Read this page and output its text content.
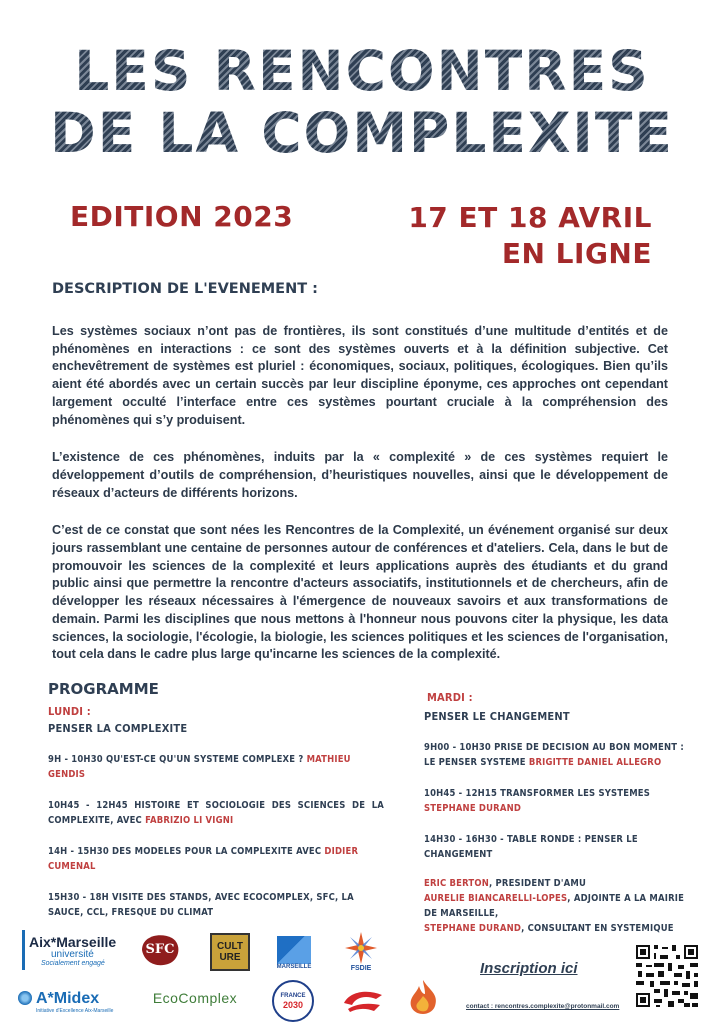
LES RENCONTRES
DE LA COMPLEXITE
EDITION 2023	17 ET 18 AVRIL
EN LIGNE
DESCRIPTION DE L'EVENEMENT :

Les systèmes sociaux n’ont pas de frontières, ils sont constitués d’une multitude d’entités et de phénomènes en interactions : ce sont des systèmes ouverts et à la définition subjective. Cet enchevêtrement de systèmes est pluriel : économiques, sociaux, politiques, écologiques. Bien qu’ils aient été abordés avec un certain succès par leur discipline éponyme, ces approches ont cependant largement occulté l’interface entre ces systèmes pourtant cruciale à la compréhension des phénomènes qui s’y produisent.

L’existence de ces phénomènes, induits par la « complexité » de ces systèmes requiert le développement d’outils de compréhension, d’heuristiques nouvelles, ainsi que le développement de réseaux d’acteurs de différents horizons.

C’est de ce constat que sont nées les Rencontres de la Complexité, un événement organisé sur deux jours rassemblant une centaine de personnes autour de conférences et d'ateliers. Cela, dans le but de promouvoir les sciences de la complexité et leurs applications auprès des étudiants et du grand public ainsi que permettre la rencontre d'acteurs associatifs, institutionnels et de chercheurs, afin de développer les réseaux nécessaires à l'émergence de nouveaux savoirs et aux transformations de demain. Parmi les disciplines que nous mettons à l'honneur nous pouvons citer la physique, les data sciences, la sociologie, l'écologie, la biologie, les sciences politiques et les sciences de l'organisation, tout cela dans le cadre plus large qu'incarne les sciences de la complexité.

PROGRAMME
LUNDI :
PENSER LA COMPLEXITE
9H - 10H30 QU'EST-CE QU'UN SYSTEME COMPLEXE ? MATHIEU GENDIS
10H45 - 12H45 HISTOIRE ET SOCIOLOGIE DES SCIENCES DE LA COMPLEXITE, AVEC FABRIZIO LI VIGNI
14H - 15H30 DES MODELES POUR LA COMPLEXITE AVEC DIDIER CUMENAL
15H30 - 18H VISITE DES STANDS, AVEC ECOCOMPLEX, SFC, LA SAUCE, CCL, FRESQUE DU CLIMAT
MARDI :
PENSER LE CHANGEMENT
9H00 - 10H30 PRISE DE DECISION AU BON MOMENT : LE PENSER SYSTEME BRIGITTE DANIEL ALLEGRO
10H45 - 12H15 TRANSFORMER LES SYSTEMES STEPHANE DURAND
14H30 - 16H30 - TABLE RONDE : PENSER LE CHANGEMENT
ERIC BERTON, PRESIDENT D'AMU
AURELIE BIANCARELLI-LOPES, ADJOINTE A LA MAIRIE DE MARSEILLE,
STEPHANE DURAND, CONSULTANT EN SYSTEMIQUE
Aix*Marseille
université
Socialement engagé
SFC	CULT
URE
MARSEILLE	FSDIE
A*Midex
Initiative d'Excellence Aix-Marseille
EcoComplex	FRANCE
2030
Inscription ici
contact : rencontres.complexite@protonmail.com
